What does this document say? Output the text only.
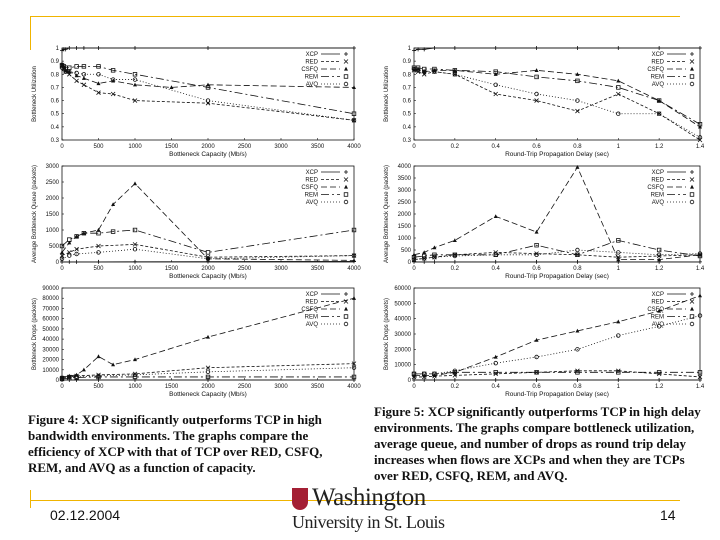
0	500	1000	1500	2000	2500	3000	3500	4000
0.3
0.4
0.5
0.6
0.7
0.8
0.9
1
Bottleneck Capacity (Mb/s)
Bottleneck Utilization
XCP
RED
CSFQ
REM
AVQ
0	500	1000	1500	2000	2500	3000	3500	4000
0
500
1000
1500
2000
2500
3000
Bottleneck Capacity (Mb/s)
Average Bottleneck Queue (packets)	XCP
RED
CSFQ
REM
AVQ
0	500	1000	1500	2000	2500	3000	3500	4000
0
10000
20000
30000
40000
50000
60000
70000
80000
90000
Bottleneck Capacity (Mb/s)
Bottleneck Drops (packets)
XCP
RED
CSFQ
REM
AVQ
0	0.2	0.4	0.6	0.8	1	1.2	1.4
0.3
0.4
0.5
0.6
0.7
0.8
0.9
1
Round-Trip Propagation Delay (sec)
Bottleneck Utilization
XCP
RED
CSFQ
REM
AVQ
0	0.2	0.4	0.6	0.8	1	1.2	1.4
0
500
1000
1500
2000
2500
3000
3500
4000
Round-Trip Propagation Delay (sec)
Average Bottleneck Queue (packets)	XCP
RED
CSFQ
REM
AVQ
0	0.2	0.4	0.6	0.8	1	1.2	1.4
0
10000
20000
30000
40000
50000
60000
Round-Trip Propagation Delay (sec)
Bottleneck Drops (packets)
XCP
RED
CSFQ
REM
AVQ
Figure 4: XCP significantly outperforms TCP in high bandwidth environments. The graphs compare the efficiency of XCP with that of TCP over RED, CSFQ, REM, and AVQ as a function of capacity.
Figure 5: XCP significantly outperforms TCP in high delay environments. The graphs compare bottleneck utilization, average queue, and number of drops as round trip delay increases when flows are XCPs and when they are TCPs over RED, CSFQ, REM, and AVQ.
02.12.2004
Washington
University in St. Louis	14
